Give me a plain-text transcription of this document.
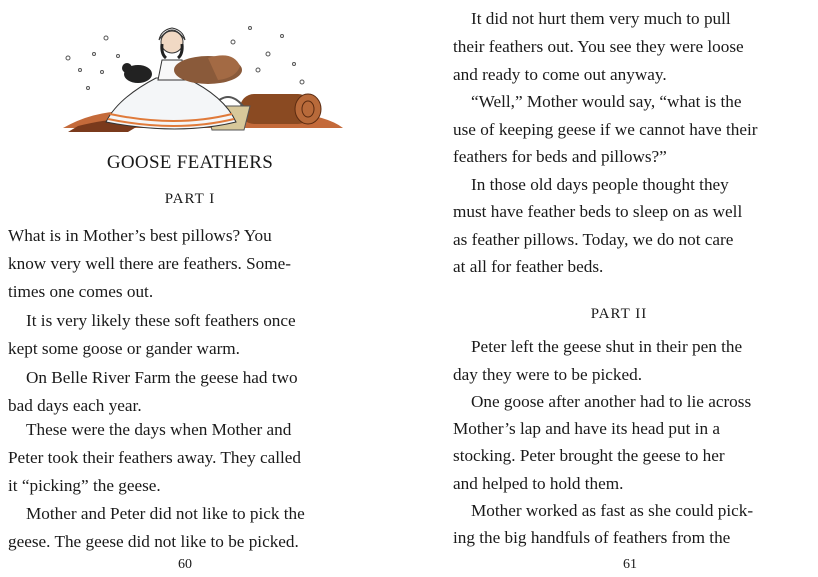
GOOSE FEATHERS
PART I
What is in Mother’s best pillows? You
know very well there are feathers. Some-
times one comes out.
It is very likely these soft feathers once
kept some goose or gander warm.
On Belle River Farm the geese had two
bad days each year.
These were the days when Mother and
Peter took their feathers away. They called
it “picking” the geese.
Mother and Peter did not like to pick the
geese. The geese did not like to be picked.
60
It did not hurt them very much to pull
their feathers out. You see they were loose
and ready to come out anyway.
“Well,” Mother would say, “what is the
use of keeping geese if we cannot have their
feathers for beds and pillows?”
In those old days people thought they
must have feather beds to sleep on as well
as feather pillows. Today, we do not care
at all for feather beds.
PART II
Peter left the geese shut in their pen the
day they were to be picked.
One goose after another had to lie across
Mother’s lap and have its head put in a
stocking. Peter brought the geese to her
and helped to hold them.
Mother worked as fast as she could pick-
ing the big handfuls of feathers from the
61
